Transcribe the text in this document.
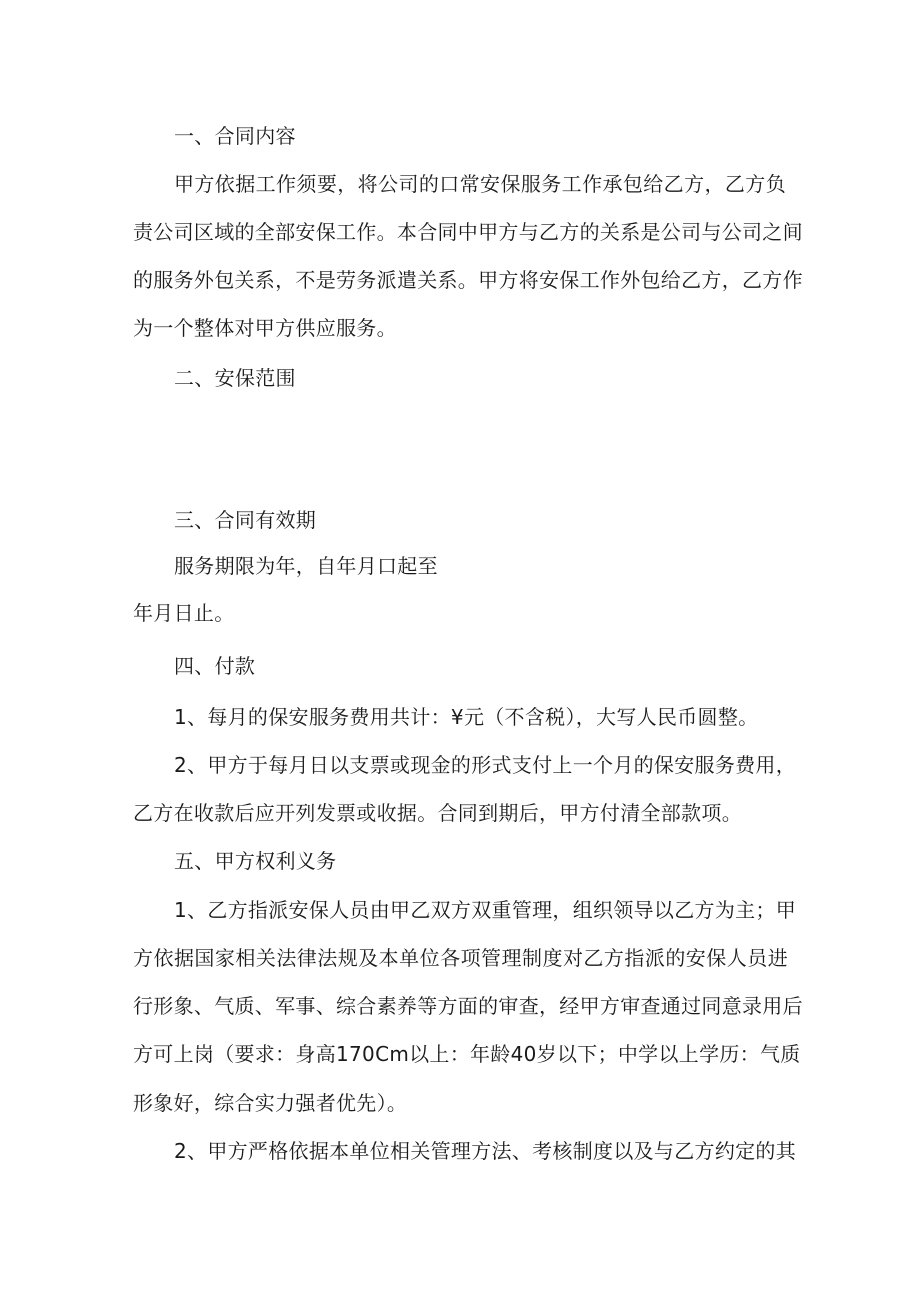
一、合同内容
甲方依据工作须要，将公司的口常安保服务工作承包给乙方，乙方负
责公司区域的全部安保工作。本合同中甲方与乙方的关系是公司与公司之间
的服务外包关系，不是劳务派遣关系。甲方将安保工作外包给乙方，乙方作
为一个整体对甲方供应服务。
二、安保范围
三、合同有效期
服务期限为年，自年月口起至
年月日止。
四、付款
1、每月的保安服务费用共计：¥元（不含税），大写人民币圆整。
2、甲方于每月日以支票或现金的形式支付上一个月的保安服务费用，
乙方在收款后应开列发票或收据。合同到期后，甲方付清全部款项。
五、甲方权利义务
1、乙方指派安保人员由甲乙双方双重管理，组织领导以乙方为主；甲
方依据国家相关法律法规及本单位各项管理制度对乙方指派的安保人员进
行形象、气质、军事、综合素养等方面的审查，经甲方审查通过同意录用后
方可上岗（要求：身高170Cm以上：年龄40岁以下；中学以上学历：气质
形象好，综合实力强者优先）。
2、甲方严格依据本单位相关管理方法、考核制度以及与乙方约定的其
